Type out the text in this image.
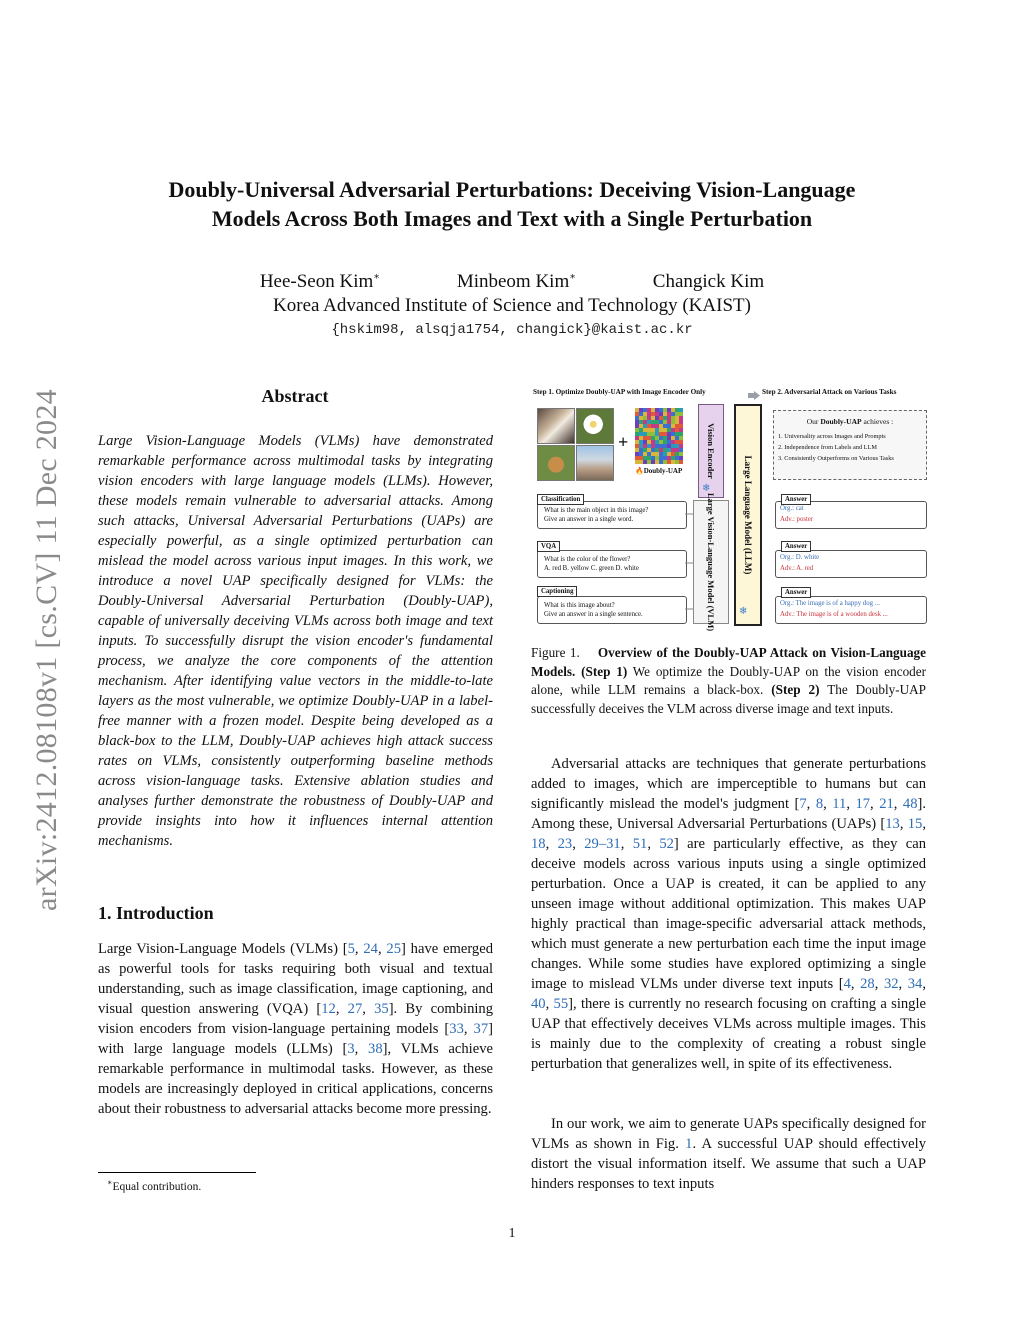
arXiv:2412.08108v1 [cs.CV] 11 Dec 2024
Doubly-Universal Adversarial Perturbations: Deceiving Vision-Language
Models Across Both Images and Text with a Single Perturbation
Hee-Seon Kim∗	Minbeom Kim∗	Changick Kim
Korea Advanced Institute of Science and Technology (KAIST)
{hskim98, alsqja1754, changick}@kaist.ac.kr
Abstract
Large Vision-Language Models (VLMs) have demonstrated remarkable performance across multimodal tasks by integrating vision encoders with large language models (LLMs). However, these models remain vulnerable to adversarial attacks. Among such attacks, Universal Adversarial Perturbations (UAPs) are especially powerful, as a single optimized perturbation can mislead the model across various input images. In this work, we introduce a novel UAP specifically designed for VLMs: the Doubly-Universal Adversarial Perturbation (Doubly-UAP), capable of universally deceiving VLMs across both image and text inputs. To successfully disrupt the vision encoder's fundamental process, we analyze the core components of the attention mechanism. After identifying value vectors in the middle-to-late layers as the most vulnerable, we optimize Doubly-UAP in a label-free manner with a frozen model. Despite being developed as a black-box to the LLM, Doubly-UAP achieves high attack success rates on VLMs, consistently outperforming baseline methods across vision-language tasks. Extensive ablation studies and analyses further demonstrate the robustness of Doubly-UAP and provide insights into how it influences internal attention mechanisms.
1. Introduction
Large Vision-Language Models (VLMs) [5, 24, 25] have emerged as powerful tools for tasks requiring both visual and textual understanding, such as image classification, image captioning, and visual question answering (VQA) [12, 27, 35]. By combining vision encoders from vision-language pertaining models [33, 37] with large language models (LLMs) [3, 38], VLMs achieve remarkable performance in multimodal tasks. However, as these models are increasingly deployed in critical applications, concerns about their robustness to adversarial attacks become more pressing.
∗Equal contribution.
1
Step 1. Optimize Doubly-UAP with Image Encoder Only	Step 2. Adversarial Attack on Various Tasks
+
🔥Doubly-UAP	Vision Encoder
Large Vision-Language Model (VLM)	Large Language Model (LLM)
❄
❄
Our Doubly-UAP achieves :
1. Universality across Images and Prompts
2. Independence from Labels and LLM
3. Consistently Outperforms on Various Tasks
What is the main object in this image?
Give an answer in a single word.
Classification
What is the color of the flower?
A. red B. yellow C. green D. white
VQA
What is this image about?
Give an answer in a single sentence.
Captioning
Org.: cat
Adv.: poster
Answer
Org.: D. white
Adv.: A. red
Answer
Org.: The image is of a happy dog ...
Adv.: The image is of a wooden desk ...
Answer
Figure 1. Overview of the Doubly-UAP Attack on Vision-Language Models. (Step 1) We optimize the Doubly-UAP on the vision encoder alone, while LLM remains a black-box. (Step 2) The Doubly-UAP successfully deceives the VLM across diverse image and text inputs.
Adversarial attacks are techniques that generate perturbations added to images, which are imperceptible to humans but can significantly mislead the model's judgment [7, 8, 11, 17, 21, 48]. Among these, Universal Adversarial Perturbations (UAPs) [13, 15, 18, 23, 29–31, 51, 52] are particularly effective, as they can deceive models across various inputs using a single optimized perturbation. Once a UAP is created, it can be applied to any unseen image without additional optimization. This makes UAP highly practical than image-specific adversarial attack methods, which must generate a new perturbation each time the input image changes. While some studies have explored optimizing a single image to mislead VLMs under diverse text inputs [4, 28, 32, 34, 40, 55], there is currently no research focusing on crafting a single UAP that effectively deceives VLMs across multiple images. This is mainly due to the complexity of creating a robust single perturbation that generalizes well, in spite of its effectiveness.
In our work, we aim to generate UAPs specifically designed for VLMs as shown in Fig. 1. A successful UAP should effectively distort the visual information itself. We assume that such a UAP hinders responses to text inputs
